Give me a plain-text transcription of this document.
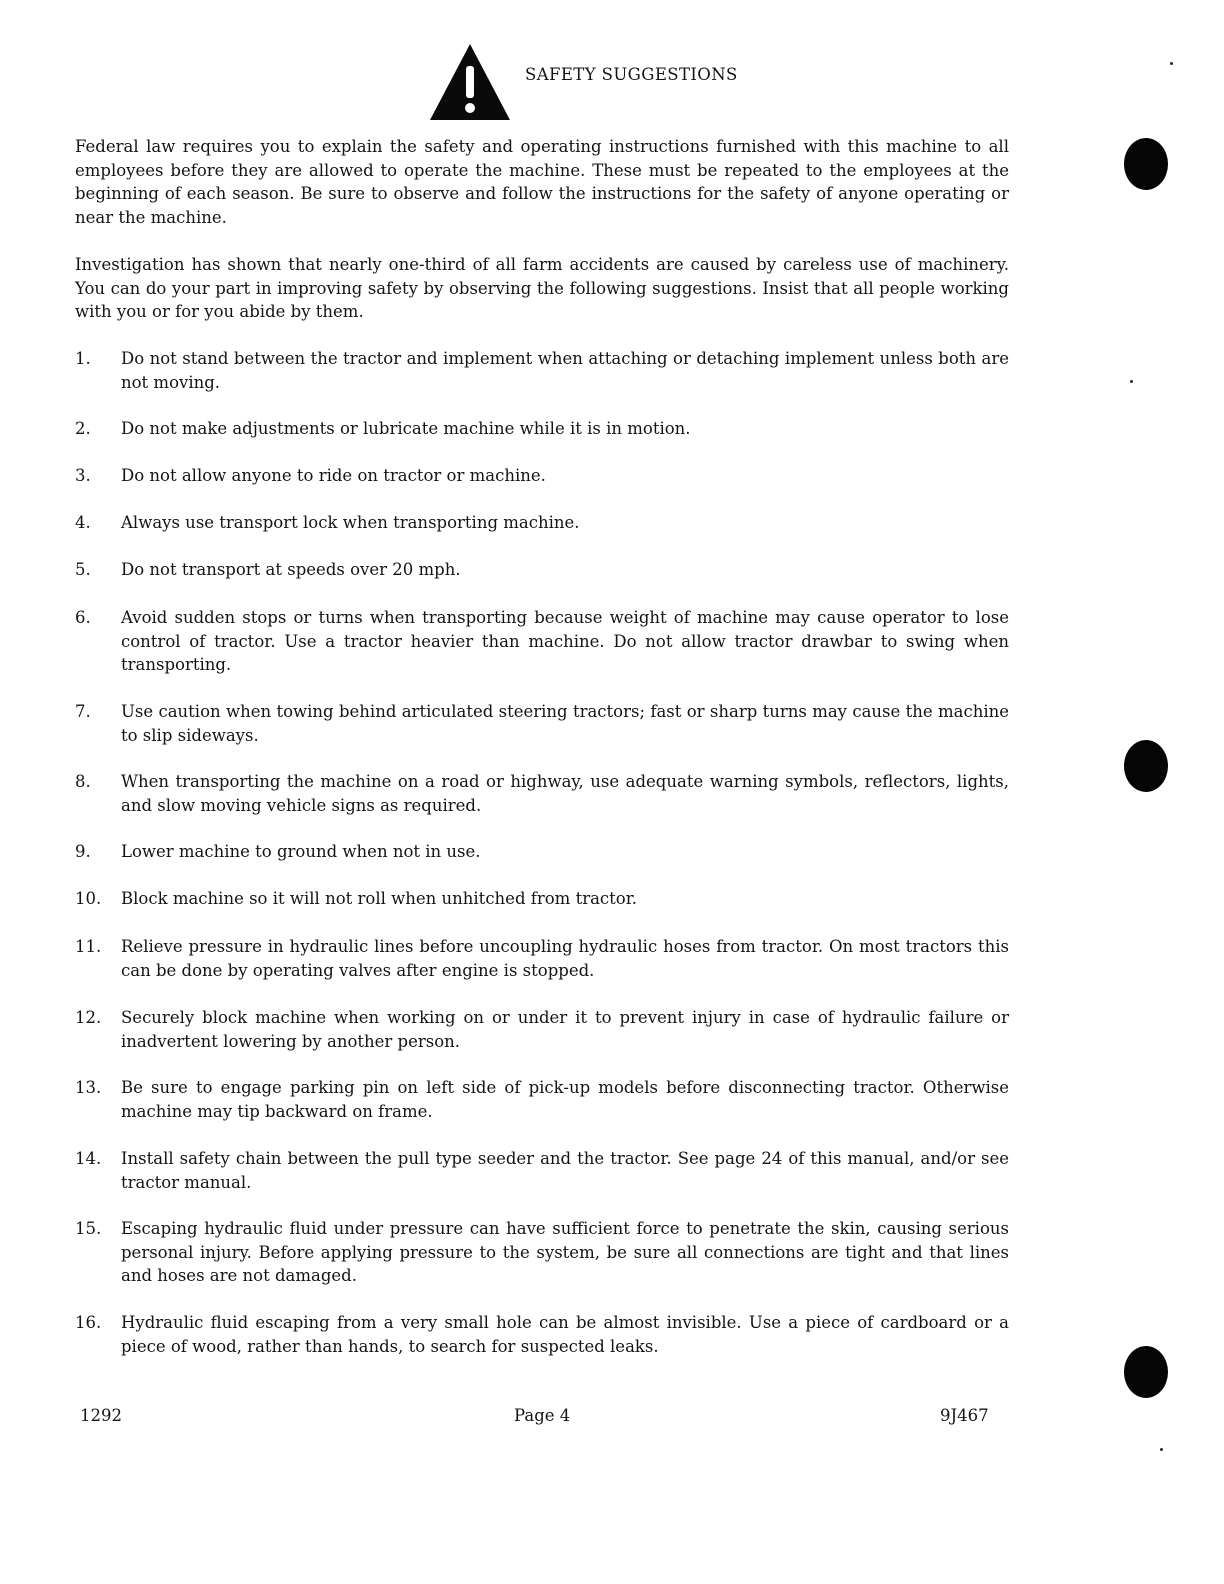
SAFETY SUGGESTIONS

Federal law requires you to explain the safety and operating instructions furnished with this machine to all employees before they are allowed to operate the machine. These must be repeated to the employees at the beginning of each season. Be sure to observe and follow the instructions for the safety of anyone operating or near the machine.

Investigation has shown that nearly one-third of all farm accidents are caused by careless use of machinery. You can do your part in improving safety by observing the following suggestions. Insist that all people working with you or for you abide by them.

1.	Do not stand between the tractor and implement when attaching or detaching implement unless both are not moving.
2.	Do not make adjustments or lubricate machine while it is in motion.
3.	Do not allow anyone to ride on tractor or machine.
4.	Always use transport lock when transporting machine.
5.	Do not transport at speeds over 20 mph.
6.	Avoid sudden stops or turns when transporting because weight of machine may cause operator to lose control of tractor. Use a tractor heavier than machine. Do not allow tractor drawbar to swing when transporting.
7.	Use caution when towing behind articulated steering tractors; fast or sharp turns may cause the machine to slip sideways.
8.	When transporting the machine on a road or highway, use adequate warning symbols, reflectors, lights, and slow moving vehicle signs as required.
9.	Lower machine to ground when not in use.
10.	Block machine so it will not roll when unhitched from tractor.
11.	Relieve pressure in hydraulic lines before uncoupling hydraulic hoses from tractor. On most tractors this can be done by operating valves after engine is stopped.
12.	Securely block machine when working on or under it to prevent injury in case of hydraulic failure or inadvertent lowering by another person.
13.	Be sure to engage parking pin on left side of pick-up models before disconnecting tractor. Otherwise machine may tip backward on frame.
14.	Install safety chain between the pull type seeder and the tractor. See page 24 of this manual, and/or see tractor manual.
15.	Escaping hydraulic fluid under pressure can have sufficient force to penetrate the skin, causing serious personal injury. Before applying pressure to the system, be sure all connections are tight and that lines and hoses are not damaged.
16.	Hydraulic fluid escaping from a very small hole can be almost invisible. Use a piece of cardboard or a piece of wood, rather than hands, to search for suspected leaks.
1292	Page 4	9J467
